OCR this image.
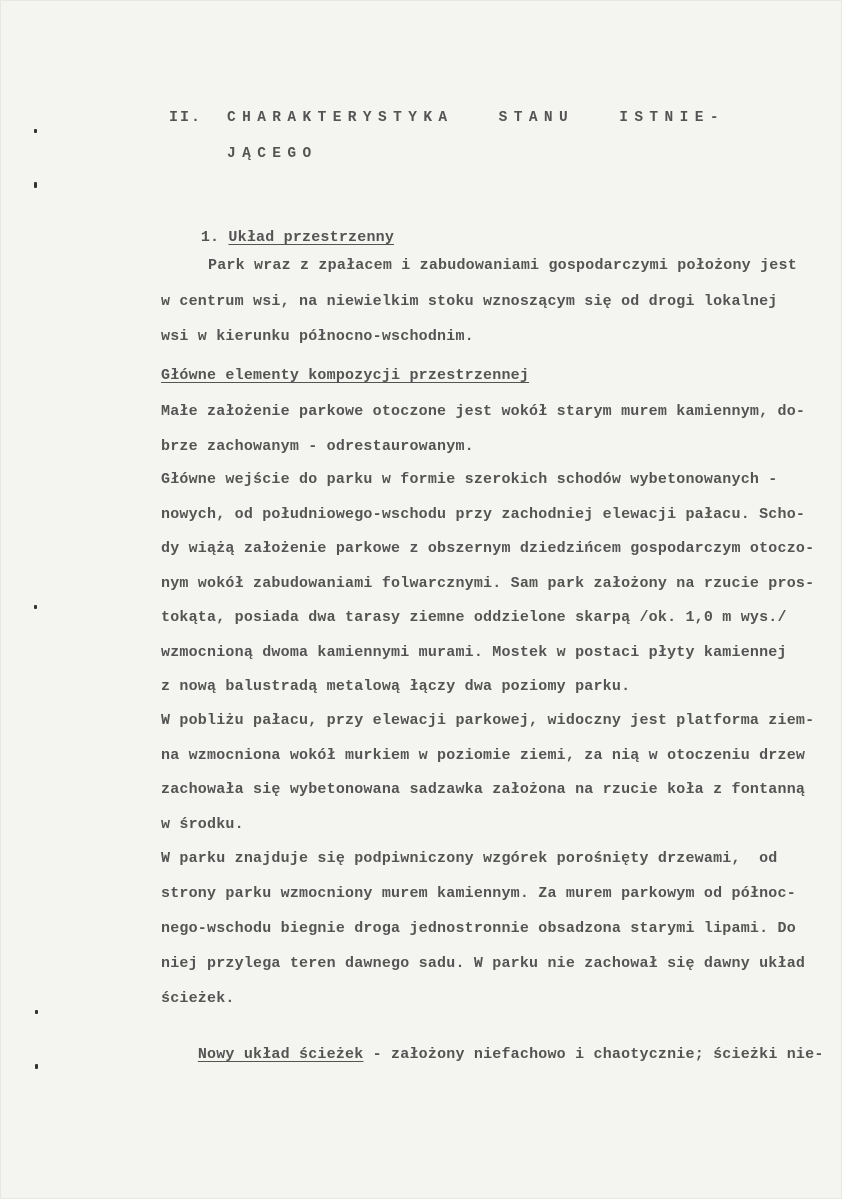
II. CHARAKTERYSTYKA STANU ISTNIE-
JĄCEGO

1. Układ przestrzenny

Park wraz z zpałacem i zabudowaniami gospodarczymi położony jest
w centrum wsi, na niewielkim stoku wznoszącym się od drogi lokalnej
wsi w kierunku północno-wschodnim.
Główne elementy kompozycji przestrzennej
Małe założenie parkowe otoczone jest wokół starym murem kamiennym, do-
brze zachowanym - odrestaurowanym.
Główne wejście do parku w formie szerokich schodów wybetonowanych -
nowych, od południowego-wschodu przy zachodniej elewacji pałacu. Scho-
dy wiążą założenie parkowe z obszernym dziedzińcem gospodarczym otoczo-
nym wokół zabudowaniami folwarcznymi. Sam park założony na rzucie pros-
tokąta, posiada dwa tarasy ziemne oddzielone skarpą /ok. 1,0 m wys./
wzmocnioną dwoma kamiennymi murami. Mostek w postaci płyty kamiennej
z nową balustradą metalową łączy dwa poziomy parku.
W pobliżu pałacu, przy elewacji parkowej, widoczny jest platforma ziem-
na wzmocniona wokół murkiem w poziomie ziemi, za nią w otoczeniu drzew
zachowała się wybetonowana sadzawka założona na rzucie koła z fontanną
w środku.
W parku znajduje się podpiwniczony wzgórek porośnięty drzewami,  od
strony parku wzmocniony murem kamiennym. Za murem parkowym od północ-
nego-wschodu biegnie droga jednostronnie obsadzona starymi lipami. Do
niej przylega teren dawnego sadu. W parku nie zachował się dawny układ
ścieżek.

Nowy układ ścieżek - założony niefachowo i chaotycznie; ścieżki nie-
